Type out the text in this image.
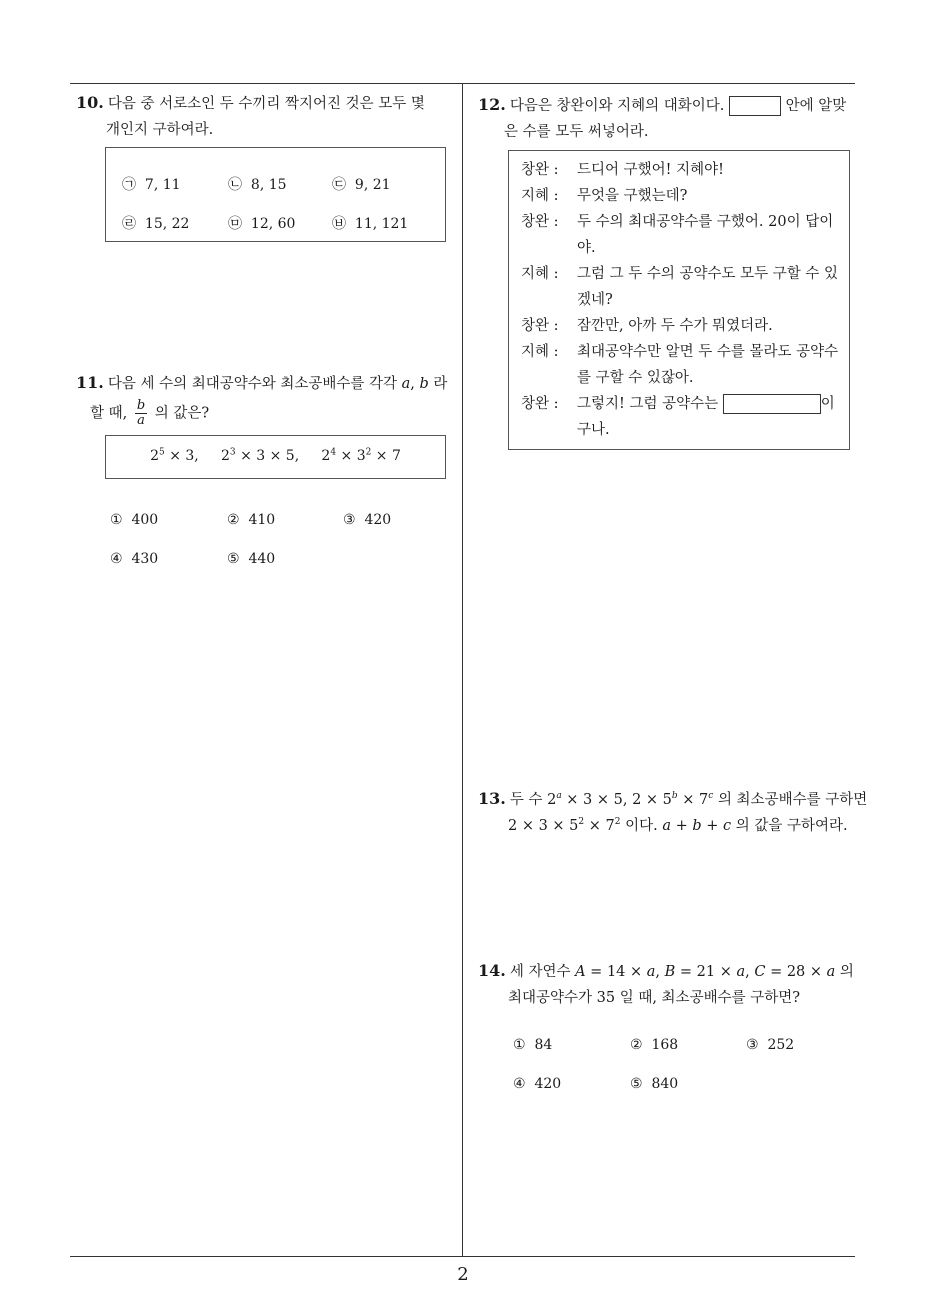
10. 다음 중 서로소인 두 수끼리 짝지어진 것은 모두 몇
개인지 구하여라.
㉠ 7, 11	㉡ 8, 15	㉢ 9, 21
㉣ 15, 22	㉤ 12, 60	㉥ 11, 121
11. 다음 세 수의 최대공약수와 최소공배수를 각각 a, b 라
할 때, $\frac{b}{a}$ 의 값은?
$2^5 \times 3$,     $2^3 \times 3 \times 5$,     $2^4 \times 3^2 \times 7$
① 400	② 410	③ 420
④ 430	⑤ 440
12. 다음은 창완이와 지혜의 대화이다.	안에 알맞
은 수를 모두 써넣어라.
창완 :	드디어 구했어! 지혜야!
지혜 :	무엇을 구했는데?
창완 :	두 수의 최대공약수를 구했어. 20이 답이 야.
지혜 :	그럼 그 두 수의 공약수도 모두 구할 수 있겠네?
창완 :	잠깐만, 아까 두 수가 뭐였더라.
지혜 :	최대공약수만 알면 두 수를 몰라도 공약수를 구할 수 있잖아.
창완 :	그렇지! 그럼 공약수는	이
구나.
13. 두 수 $2^a \times 3 \times 5$, $2 \times 5^b \times 7^c$ 의 최소공배수를 구하면
$2 \times 3 \times 5^2 \times 7^2$ 이다. a + b + c 의 값을 구하여라.
14. 세 자연수 A = 14 × a, B = 21 × a, C = 28 × a 의
최대공약수가 35 일 때, 최소공배수를 구하면?
① 84	② 168	③ 252
④ 420	⑤ 840
2
